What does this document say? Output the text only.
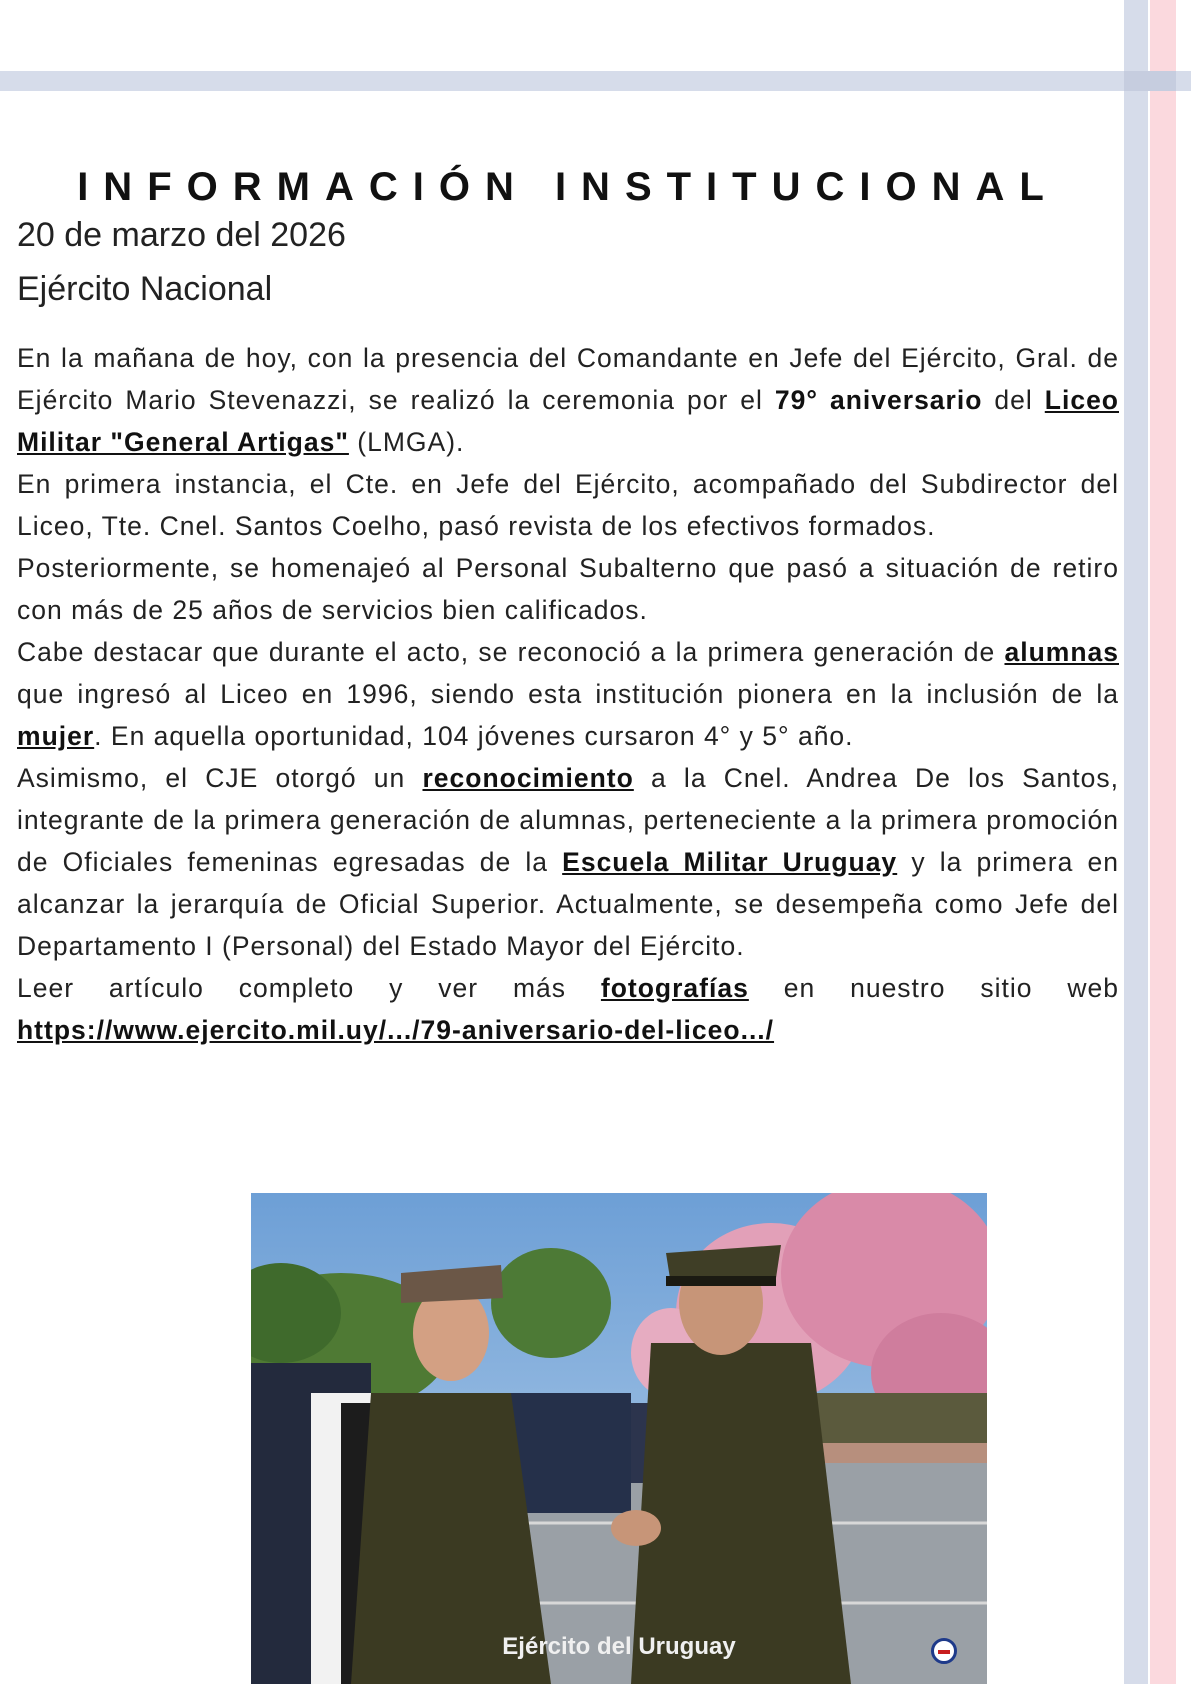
INFORMACIÓN INSTITUCIONAL
20 de marzo del 2026
Ejército Nacional

En la mañana de hoy, con la presencia del Comandante en Jefe del Ejército, Gral. de Ejército Mario Stevenazzi, se realizó la ceremonia por el 79° aniversario del Liceo Militar "General Artigas" (LMGA).

En primera instancia, el Cte. en Jefe del Ejército, acompañado del Subdirector del Liceo, Tte. Cnel. Santos Coelho, pasó revista de los efectivos formados.

Posteriormente, se homenajeó al Personal Subalterno que pasó a situación de retiro con más de 25 años de servicios bien calificados.

Cabe destacar que durante el acto, se reconoció a la primera generación de alumnas que ingresó al Liceo en 1996, siendo esta institución pionera en la inclusión de la mujer. En aquella oportunidad, 104 jóvenes cursaron 4° y 5° año.

Asimismo, el CJE otorgó un reconocimiento a la Cnel. Andrea De los Santos, integrante de la primera generación de alumnas, perteneciente a la primera promoción de Oficiales femeninas egresadas de la Escuela Militar Uruguay y la primera en alcanzar la jerarquía de Oficial Superior. Actualmente, se desempeña como Jefe del Departamento I (Personal) del Estado Mayor del Ejército.

Leer artículo completo y ver más fotografías en nuestro sitio web https://www.ejercito.mil.uy/.../79-aniversario-del-liceo.../

Ejército del Uruguay
